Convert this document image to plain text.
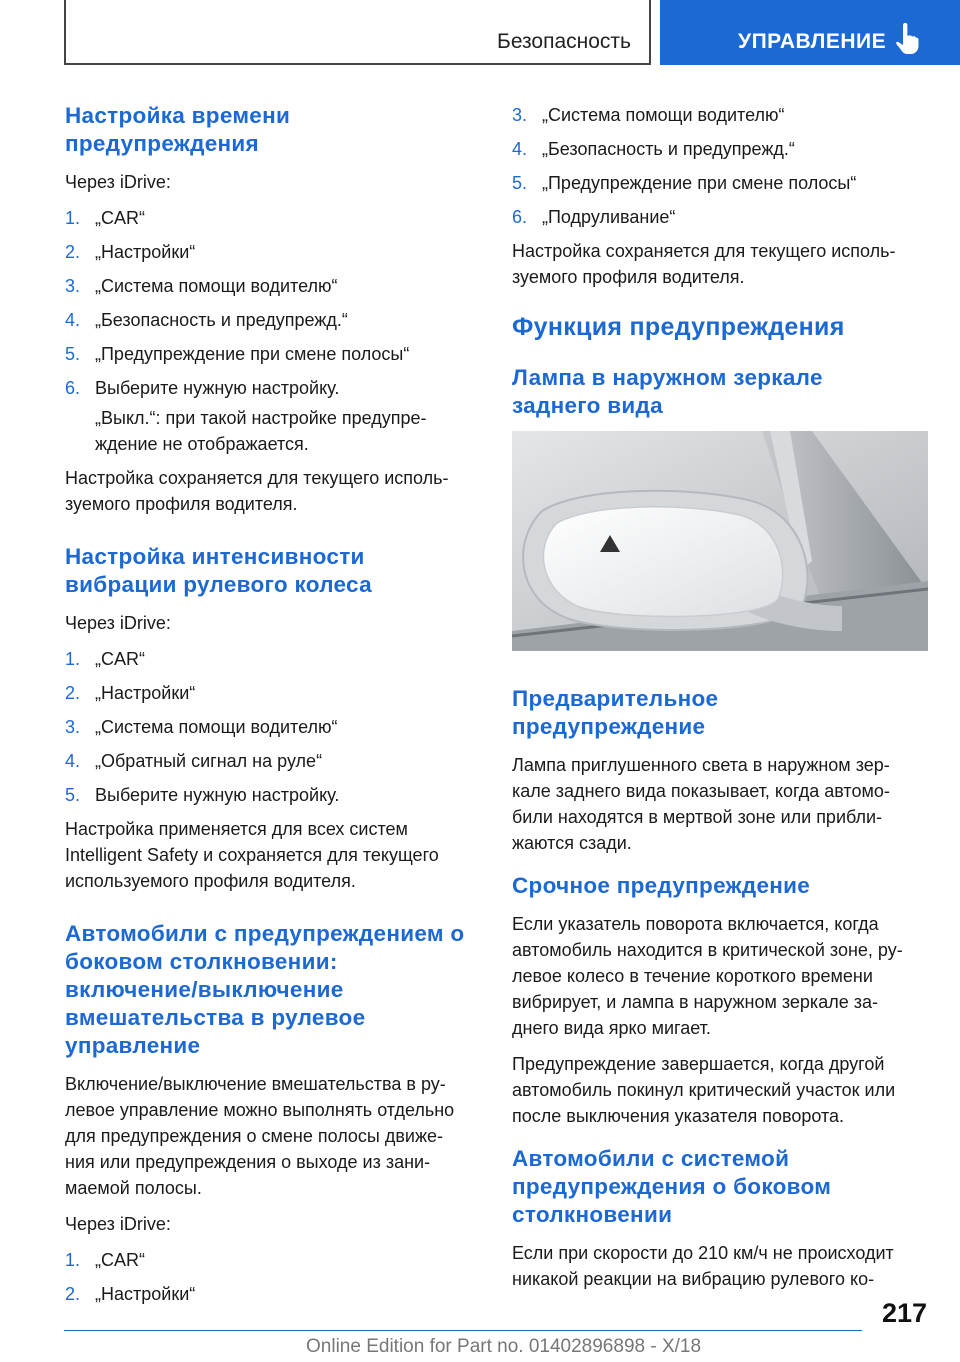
Безопасность	УПРАВЛЕНИЕ
Настройка времени
предупреждения

Через iDrive:

1. „CAR“
2. „Настройки“
3. „Система помощи водителю“
4. „Безопасность и предупрежд.“
5. „Предупреждение при смене полосы“
6. Выберите нужную настройку.
„Выкл.“: при такой настройке предупре-
ждение не отображается.

Настройка сохраняется для текущего исполь-
зуемого профиля водителя.

Настройка интенсивности
вибрации рулевого колеса

Через iDrive:

1. „CAR“
2. „Настройки“
3. „Система помощи водителю“
4. „Обратный сигнал на руле“
5. Выберите нужную настройку.

Настройка применяется для всех систем
Intelligent Safety и сохраняется для текущего
используемого профиля водителя.

Автомобили с предупреждением о
боковом столкновении:
включение/выключение
вмешательства в рулевое
управление

Включение/выключение вмешательства в ру-
левое управление можно выполнять отдельно
для предупреждения о смене полосы движе-
ния или предупреждения о выходе из зани-
маемой полосы.

Через iDrive:

1. „CAR“
2. „Настройки“
3. „Система помощи водителю“
4. „Безопасность и предупрежд.“
5. „Предупреждение при смене полосы“
6. „Подруливание“

Настройка сохраняется для текущего исполь-
зуемого профиля водителя.

Функция предупреждения
Лампа в наружном зеркале
заднего вида
Предварительное
предупреждение

Лампа приглушенного света в наружном зер-
кале заднего вида показывает, когда автомо-
били находятся в мертвой зоне или прибли-
жаются сзади.

Срочное предупреждение

Если указатель поворота включается, когда
автомобиль находится в критической зоне, ру-
левое колесо в течение короткого времени
вибрирует, и лампа в наружном зеркале за-
днего вида ярко мигает.

Предупреждение завершается, когда другой
автомобиль покинул критический участок или
после выключения указателя поворота.

Автомобили с системой
предупреждения о боковом
столкновении

Если при скорости до 210 км/ч не происходит
никакой реакции на вибрацию рулевого ко-

217
Online Edition for Part no. 01402896898 - X/18
